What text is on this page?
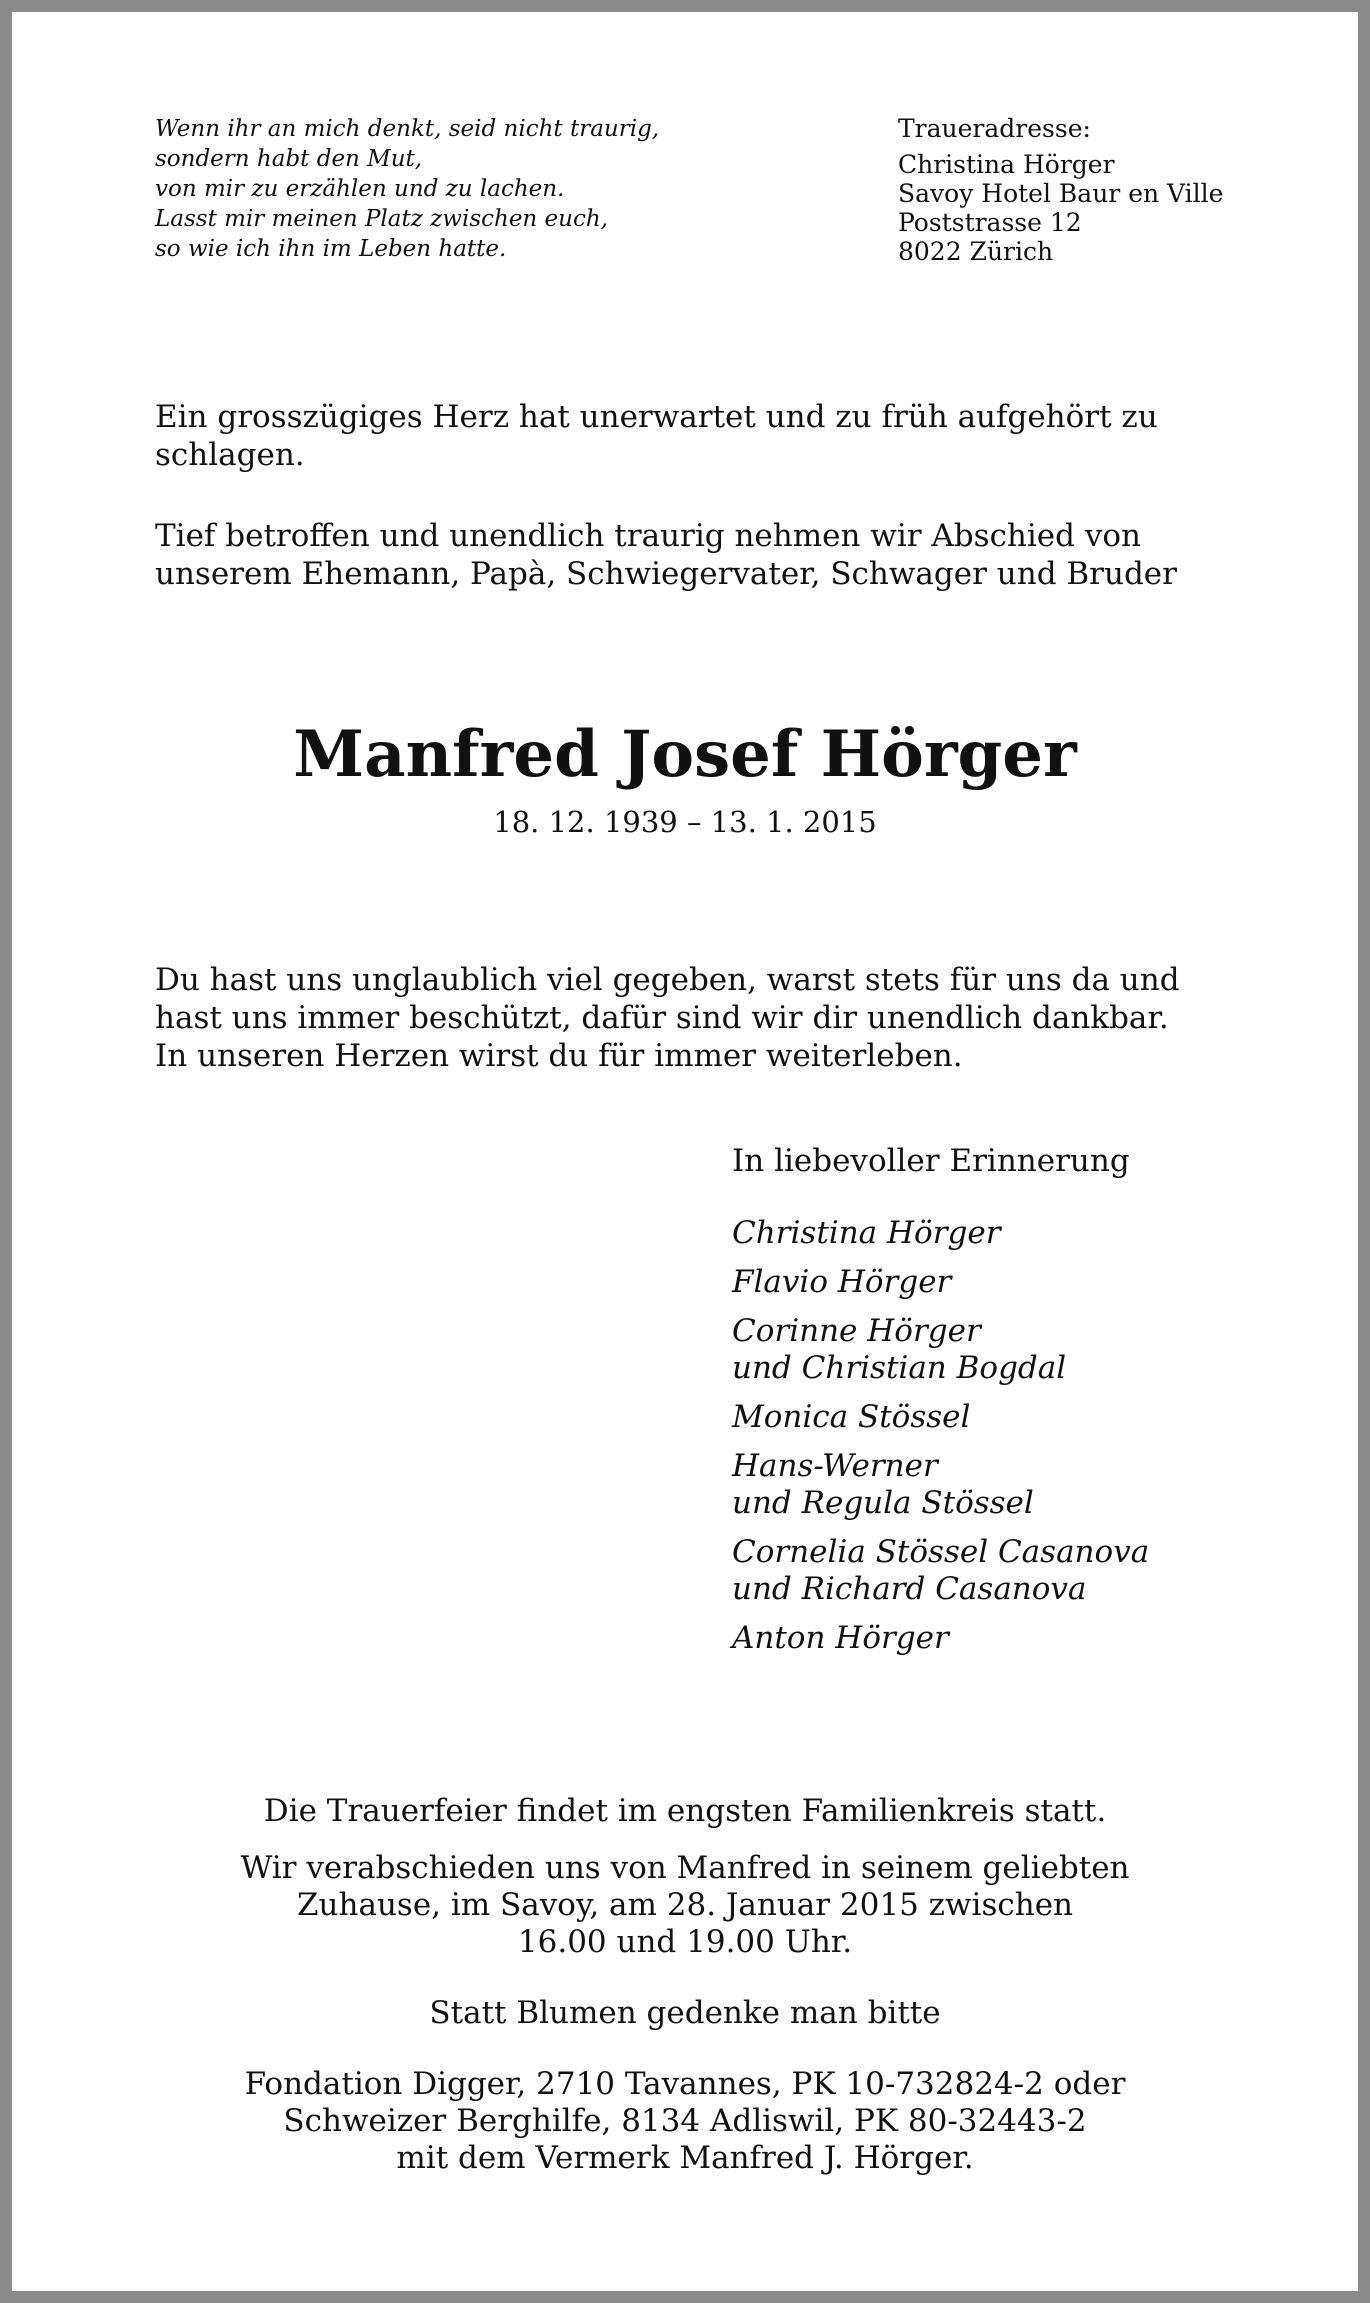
Wenn ihr an mich denkt, seid nicht traurig,
sondern habt den Mut,
von mir zu erzählen und zu lachen.
Lasst mir meinen Platz zwischen euch,
so wie ich ihn im Leben hatte.
Traueradresse:
Christina Hörger
Savoy Hotel Baur en Ville
Poststrasse 12
8022 Zürich

Ein grosszügiges Herz hat unerwartet und zu früh aufgehört zu schlagen.

Tief betroffen und unendlich traurig nehmen wir Abschied von unserem Ehemann, Papà, Schwiegervater, Schwager und Bruder

Manfred Josef Hörger
18. 12. 1939 – 13. 1. 2015
Du hast uns unglaublich viel gegeben, warst stets für uns da und
hast uns immer beschützt, dafür sind wir dir unendlich dankbar.
In unseren Herzen wirst du für immer weiterleben.
In liebevoller Erinnerung
Christina Hörger
Flavio Hörger
Corinne Hörger
und Christian Bogdal
Monica Stössel
Hans-Werner
und Regula Stössel
Cornelia Stössel Casanova
und Richard Casanova
Anton Hörger

Die Trauerfeier findet im engsten Familienkreis statt.

Wir verabschieden uns von Manfred in seinem geliebten
Zuhause, im Savoy, am 28. Januar 2015 zwischen
16.00 und 19.00 Uhr.
Statt Blumen gedenke man bitte
Fondation Digger, 2710 Tavannes, PK 10-732824-2 oder
Schweizer Berghilfe, 8134 Adliswil, PK 80-32443-2
mit dem Vermerk Manfred J. Hörger.
